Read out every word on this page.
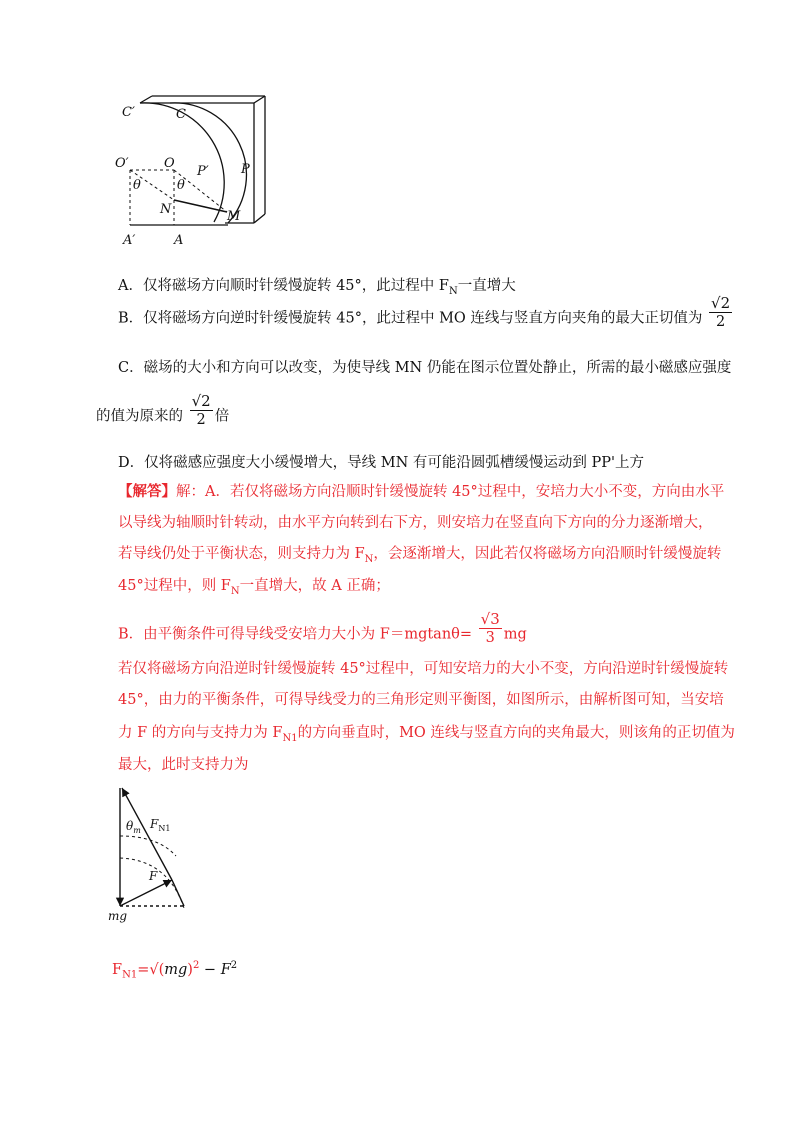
C′	C
O′	O
P′ P
θ	θ
N	M
A′	A
A．仅将磁场方向顺时针缓慢旋转 45°，此过程中 $F_N$一直增大
B．仅将磁场方向逆时针缓慢旋转 45°，此过程中 MO 连线与竖直方向夹角的最大正切值为 $\frac{√2}{2}$
C．磁场的大小和方向可以改变，为使导线 MN 仍能在图示位置处静止，所需的最小磁感应强度
的值为原来的 $\frac{√2}{2}$ 倍
D．仅将磁感应强度大小缓慢增大，导线 MN 有可能沿圆弧槽缓慢运动到 PP'上方
【解答】解：A．若仅将磁场方向沿顺时针缓慢旋转 45°过程中，安培力大小不变，方向由水平
以导线为轴顺时针转动，由水平方向转到右下方，则安培力在竖直向下方向的分力逐渐增大，
若导线仍处于平衡状态，则支持力为 $F_N$，会逐渐增大，因此若仅将磁场方向沿顺时针缓慢旋转
45°过程中，则 $F_N$一直增大，故 A 正确；
B．由平衡条件可得导线受安培力大小为 $F=mgtan\theta= \frac{√3}{3}$ mg
若仅将磁场方向沿逆时针缓慢旋转 45°过程中，可知安培力的大小不变，方向沿逆时针缓慢旋转
45°，由力的平衡条件，可得导线受力的三角形定则平衡图，如图所示，由解析图可知，当安培
力 F 的方向与支持力为 $F_{N1}$的方向垂直时，MO 连线与竖直方向的夹角最大，则该角的正切值为
最大，此时支持力为
$\theta_m$ $F_{N1}$
F
mg
$F_{N1}=√(mg)^2 - F^2$
